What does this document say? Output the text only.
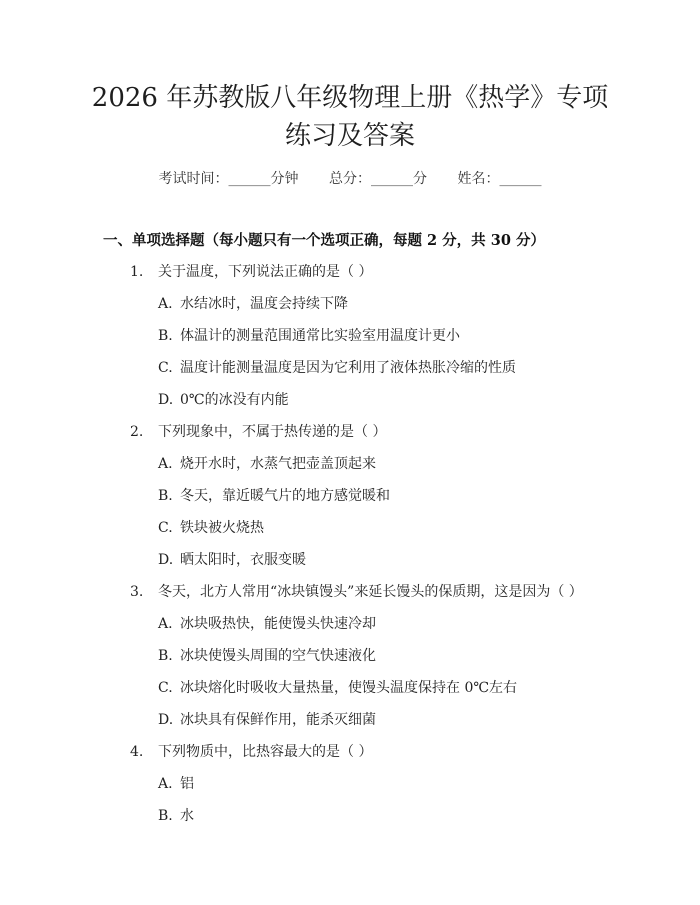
2026 年苏教版八年级物理上册《热学》专项
练习及答案
考试时间：______分钟 总分：______分 姓名：______
一、单项选择题（每小题只有一个选项正确，每题 2 分，共 30 分）
1. 关于温度，下列说法正确的是（ ）
A. 水结冰时，温度会持续下降
B. 体温计的测量范围通常比实验室用温度计更小
C. 温度计能测量温度是因为它利用了液体热胀冷缩的性质
D. 0℃的冰没有内能
2. 下列现象中，不属于热传递的是（ ）
A. 烧开水时，水蒸气把壶盖顶起来
B. 冬天，靠近暖气片的地方感觉暖和
C. 铁块被火烧热
D. 晒太阳时，衣服变暖
3. 冬天，北方人常用“冰块镇馒头”来延长馒头的保质期，这是因为（ ）
A. 冰块吸热快，能使馒头快速冷却
B. 冰块使馒头周围的空气快速液化
C. 冰块熔化时吸收大量热量，使馒头温度保持在 0℃左右
D. 冰块具有保鲜作用，能杀灭细菌
4. 下列物质中，比热容最大的是（ ）
A. 铝
B. 水
